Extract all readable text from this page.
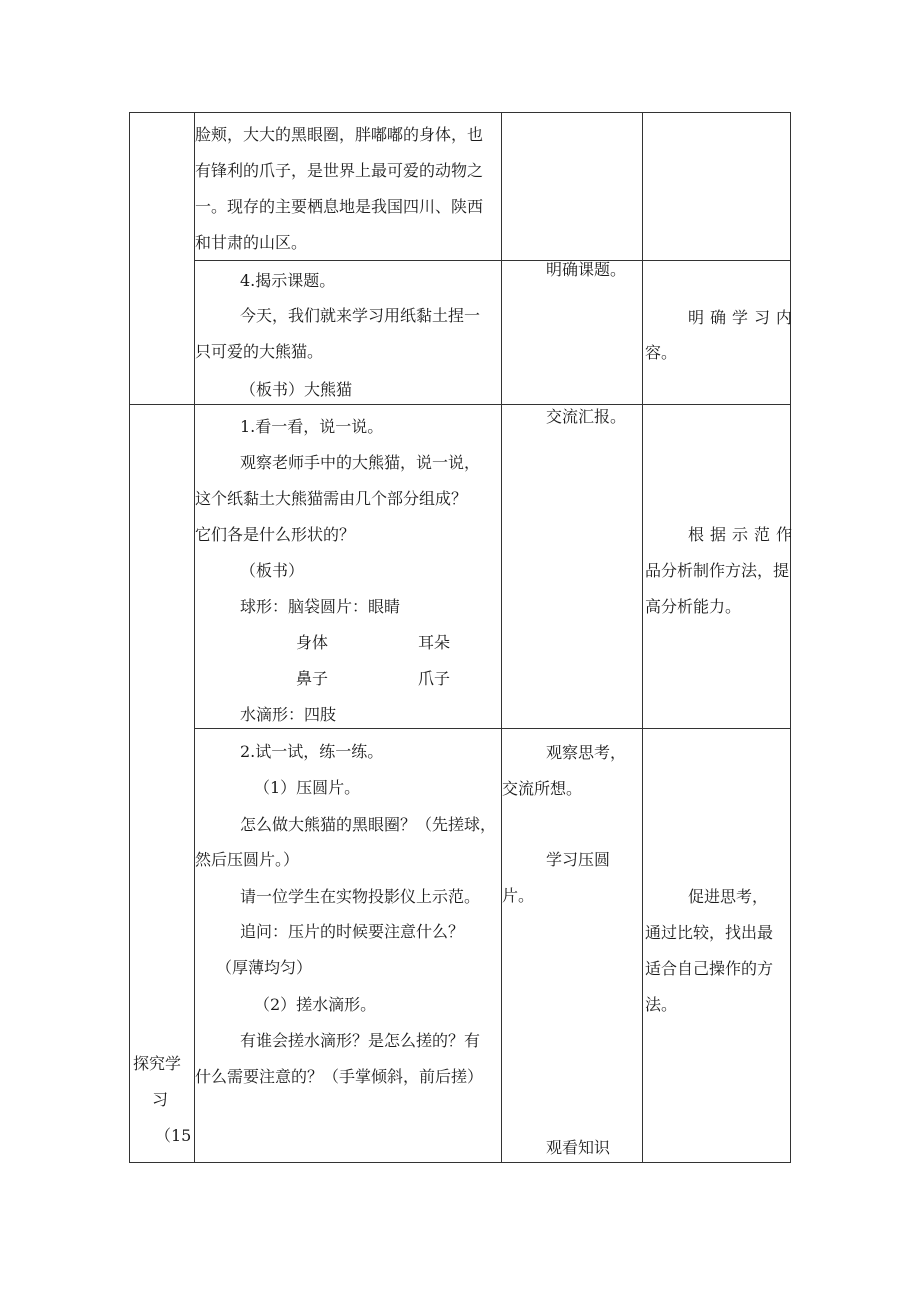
脸颊，大大的黑眼圈，胖嘟嘟的身体，也
有锋利的爪子，是世界上最可爱的动物之
一。现存的主要栖息地是我国四川、陕西
和甘肃的山区。
4.揭示课题。
今天，我们就来学习用纸黏土捏一
只可爱的大熊猫。
（板书）大熊猫
明确课题。
明确学习内
容。
1.看一看，说一说。
观察老师手中的大熊猫，说一说，
这个纸黏土大熊猫需由几个部分组成？
它们各是什么形状的？
（板书）
球形：脑袋圆片：眼睛
身体	耳朵
鼻子	爪子
水滴形：四肢
交流汇报。
根据示范作
品分析制作方法，提
高分析能力。
2.试一试，练一练。
（1）压圆片。
怎么做大熊猫的黑眼圈？（先搓球，
然后压圆片。）
请一位学生在实物投影仪上示范。
追问：压片的时候要注意什么？
（厚薄均匀）
（2）搓水滴形。
有谁会搓水滴形？是怎么搓的？有
什么需要注意的？（手掌倾斜，前后搓）
探究学
习
（15
观察思考，
交流所想。
学习压圆
片。
观看知识
促进思考，
通过比较，找出最
适合自己操作的方
法。
